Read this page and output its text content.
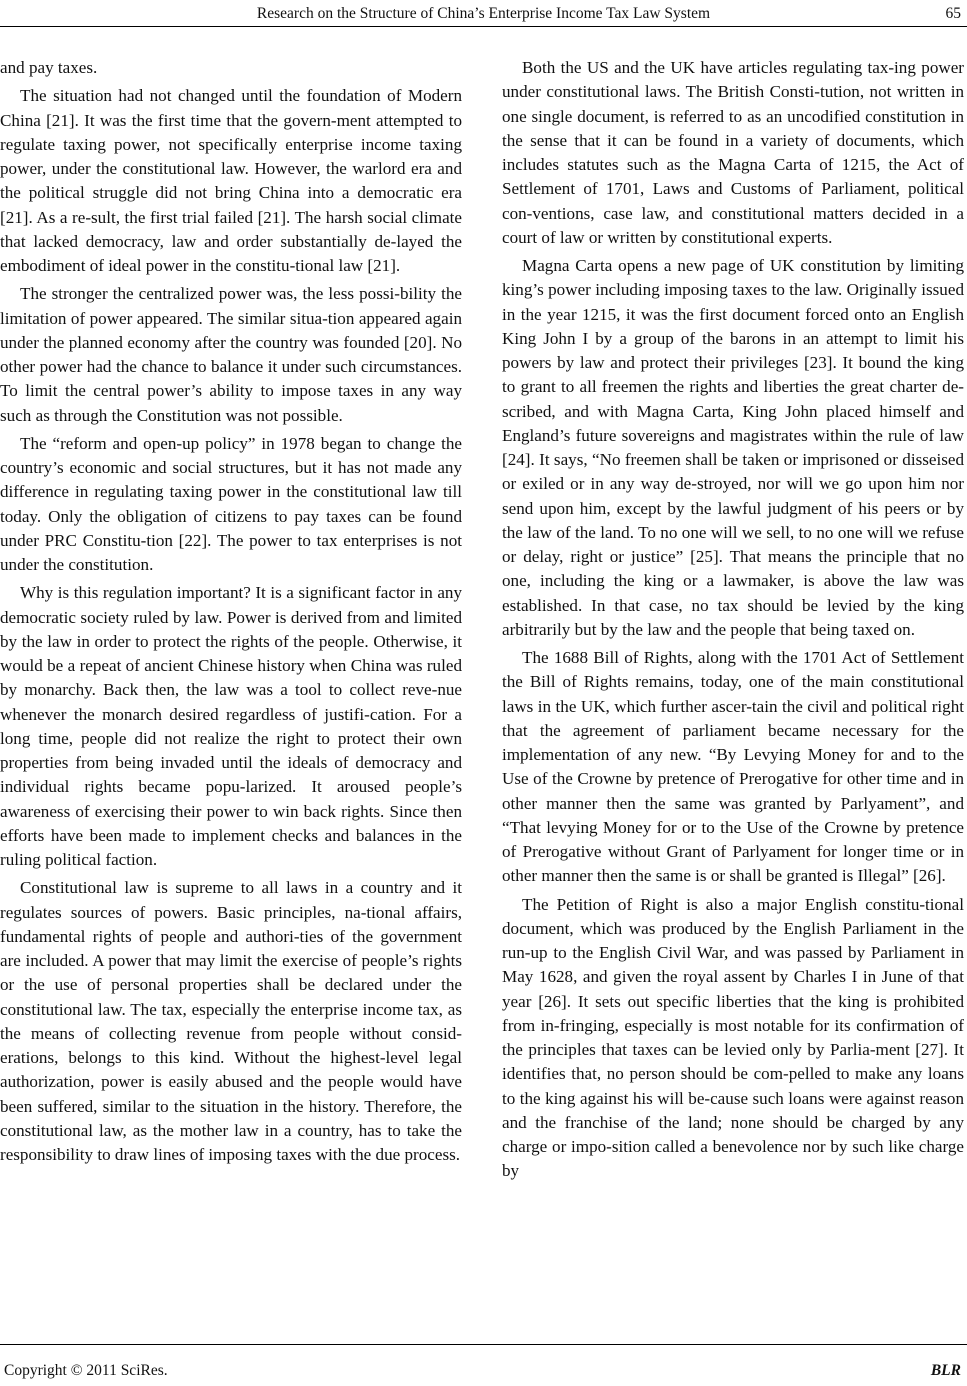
Research on the Structure of China’s Enterprise Income Tax Law System	65

and pay taxes.

The situation had not changed until the foundation of Modern China [21]. It was the first time that the govern-ment attempted to regulate taxing power, not specifically enterprise income taxing power, under the constitutional law. However, the warlord era and the political struggle did not bring China into a democratic era [21]. As a re-sult, the first trial failed [21]. The harsh social climate that lacked democracy, law and order substantially de-layed the embodiment of ideal power in the constitu-tional law [21].

The stronger the centralized power was, the less possi-bility the limitation of power appeared. The similar situa-tion appeared again under the planned economy after the country was founded [20]. No other power had the chance to balance it under such circumstances. To limit the central power’s ability to impose taxes in any way such as through the Constitution was not possible.

The “reform and open-up policy” in 1978 began to change the country’s economic and social structures, but it has not made any difference in regulating taxing power in the constitutional law till today. Only the obligation of citizens to pay taxes can be found under PRC Constitu-tion [22]. The power to tax enterprises is not under the constitution.

Why is this regulation important? It is a significant factor in any democratic society ruled by law. Power is derived from and limited by the law in order to protect the rights of the people. Otherwise, it would be a repeat of ancient Chinese history when China was ruled by monarchy. Back then, the law was a tool to collect reve-nue whenever the monarch desired regardless of justifi-cation. For a long time, people did not realize the right to protect their own properties from being invaded until the ideals of democracy and individual rights became popu-larized. It aroused people’s awareness of exercising their power to win back rights. Since then efforts have been made to implement checks and balances in the ruling political faction.

Constitutional law is supreme to all laws in a country and it regulates sources of powers. Basic principles, na-tional affairs, fundamental rights of people and authori-ties of the government are included. A power that may limit the exercise of people’s rights or the use of personal properties shall be declared under the constitutional law. The tax, especially the enterprise income tax, as the means of collecting revenue from people without consid-erations, belongs to this kind. Without the highest-level legal authorization, power is easily abused and the people would have been suffered, similar to the situation in the history. Therefore, the constitutional law, as the mother law in a country, has to take the responsibility to draw lines of imposing taxes with the due process.

Both the US and the UK have articles regulating tax-ing power under constitutional laws. The British Consti-tution, not written in one single document, is referred to as an uncodified constitution in the sense that it can be found in a variety of documents, which includes statutes such as the Magna Carta of 1215, the Act of Settlement of 1701, Laws and Customs of Parliament, political con-ventions, case law, and constitutional matters decided in a court of law or written by constitutional experts.

Magna Carta opens a new page of UK constitution by limiting king’s power including imposing taxes to the law. Originally issued in the year 1215, it was the first document forced onto an English King John I by a group of the barons in an attempt to limit his powers by law and protect their privileges [23]. It bound the king to grant to all freemen the rights and liberties the great charter de-scribed, and with Magna Carta, King John placed himself and England’s future sovereigns and magistrates within the rule of law [24]. It says, “No freemen shall be taken or imprisoned or disseised or exiled or in any way de-stroyed, nor will we go upon him nor send upon him, except by the lawful judgment of his peers or by the law of the land. To no one will we sell, to no one will we refuse or delay, right or justice” [25]. That means the principle that no one, including the king or a lawmaker, is above the law was established. In that case, no tax should be levied by the king arbitrarily but by the law and the people that being taxed on.

The 1688 Bill of Rights, along with the 1701 Act of Settlement the Bill of Rights remains, today, one of the main constitutional laws in the UK, which further ascer-tain the civil and political right that the agreement of parliament became necessary for the implementation of any new. “By Levying Money for and to the Use of the Crowne by pretence of Prerogative for other time and in other manner then the same was granted by Parlyament”, and “That levying Money for or to the Use of the Crowne by pretence of Prerogative without Grant of Parlyament for longer time or in other manner then the same is or shall be granted is Illegal” [26].

The Petition of Right is also a major English constitu-tional document, which was produced by the English Parliament in the run-up to the English Civil War, and was passed by Parliament in May 1628, and given the royal assent by Charles I in June of that year [26]. It sets out specific liberties that the king is prohibited from in-fringing, especially is most notable for its confirmation of the principles that taxes can be levied only by Parlia-ment [27]. It identifies that, no person should be com-pelled to make any loans to the king against his will be-cause such loans were against reason and the franchise of the land; none should be charged by any charge or impo-sition called a benevolence nor by such like charge by

Copyright © 2011 SciRes.	BLR
